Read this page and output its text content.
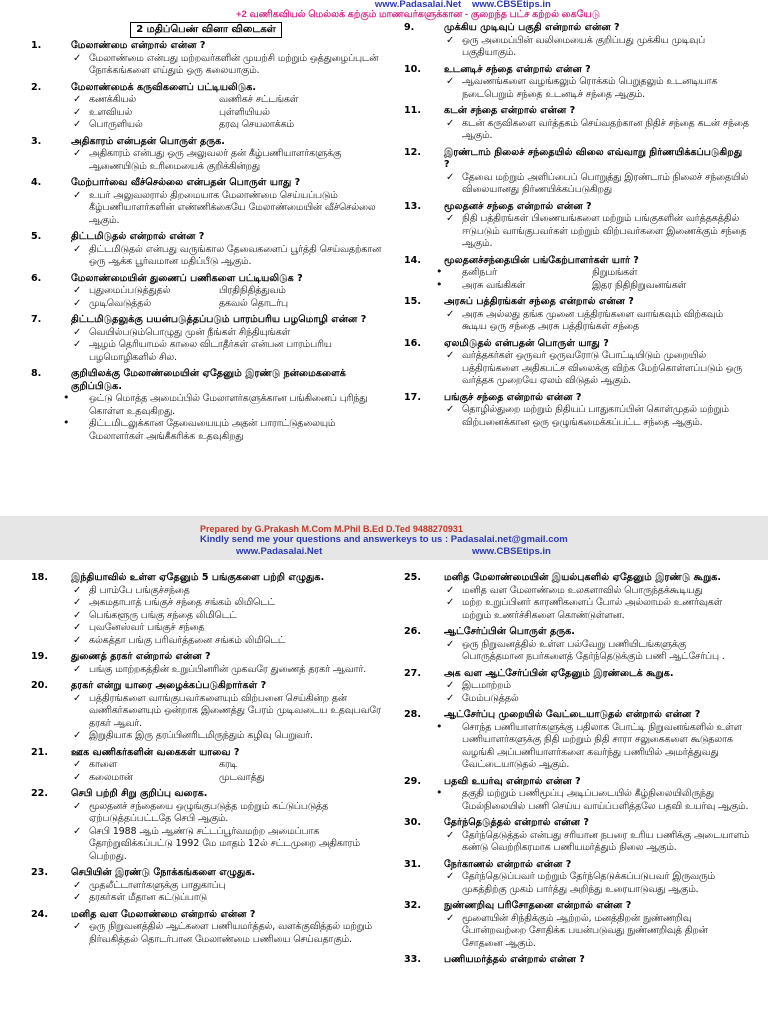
www.Padasalai.Net
+2 வணிகவியல் மெல்லக் கற்கும் மாணவர்களுக்கான - குறைந்த பட்ச கற்றல் கையேடு
www.CBSEtips.in
2 மதிப்பெண் வினா விடைகள்
1.	மேலாண்மை என்றால் என்ன ?
✓ மேலாண்மை என்பது மற்றவர்களின் முயற்சி மற்றும் ஒத்துழைப்புடன் நோக்கங்களை எய்தும் ஒரு கலையாகும்.
2.	மேலாண்மைக் கருவிகளைப் பட்டியலிடுக.
✓ கணக்கியல்	வணிகச் சட்டங்கள்
✓ உளவியல்	புள்ளியியல்
✓ பொருளியல்	தரவு செயலாக்கம்
3.	அதிகாரம் என்பதன் பொருள் தருக.
✓ அதிகாரம் என்பது ஒரு அலுவலர் தன் கீழ்பணியாளர்களுக்கு ஆணையிடும் உரிமையைக் குறிக்கின்றது
4.	மேற்பார்வை வீச்செல்லை என்பதன் பொருள் யாது ?
✓ உயர் அலுவலரால் திறமையாக மேலாண்மை செய்யப்படும் கீழ்பணியாளர்களின் எண்ணிக்கையே மேலாண்மையின் வீச்செல்லை ஆகும்.
5.	திட்டமிடுதல் என்றால் என்ன ?
✓ திட்டமிடுதல் என்பது வருங்கால தேவைகளைப் பூர்த்தி செய்வதற்கான ஒரு ஆக்க பூர்வமான மதிப்பீடு ஆகும்.
6.	மேலாண்மையின் துணைப் பணிகளை பட்டியலிடுக ?
✓ புதுமைப்படுத்துதல்	பிரதிநிதித்துவம்
✓ முடிவெடுத்தல்	தகவல் தொடர்பு
7.	திட்டமிடுதலுக்கு பயன்படுத்தப்படும் பாரம்பரிய பழமொழி என்ன ?
✓ வெயில்படும்பொழுது முன் நீங்கள் சிந்தியுங்கள்
✓ ஆழம் தெரியாமல் காலை விடாதீர்கள் என்பன பாரம்பரிய பழமொழிகளில் சில.
8.	குறியிலக்கு மேலாண்மையின் ஏதேனும் இரண்டு நன்மைகளைக் குறிப்பிடுக.
• ஒட்டு மொத்த அமைப்பில் மேலாளர்களுக்கான பங்கினைப் புரிந்து கொள்ள உதவுகிறது.
• திட்டமிடலுக்கான தேவையையும் அதன் பாராட்டுதலையும் மேலாளர்கள் அங்கீகரிக்க உதவுகிறது
9.	முக்கிய முடிவுப் பகுதி என்றால் என்ன ?
✓ ஒரு அமைப்பின் வலிமையைக் குறிப்பது முக்கிய முடிவுப் பகுதியாகும்.
10. உடனடிச் சந்தை என்றால் என்ன ?
✓ ஆவணங்களை வழங்கலும் ரொக்கம் பெறுதலும் உடனடியாக நடைபெறும் சந்தை உடனடிச் சந்தை ஆகும்.
11. கடன் சந்தை என்றால் என்ன ?
✓ கடன் கருவிகளை வர்த்தகம் செய்வதற்கான நிதிச் சந்தை கடன் சந்தை ஆகும்.
12. இரண்டாம் நிலைச் சந்தையில் விலை எவ்வாறு நிர்ணயிக்கப்படுகிறது ?
✓ தேவை மற்றும் அளிப்பைப் பொறுத்து இரண்டாம் நிலைச் சந்தையில் விலையானது நிர்ணயிக்கப்படுகிறது
13. மூலதனச் சந்தை என்றால் என்ன ?
✓ நிதி பத்திரங்கள் பிணையங்களை மற்றும் பங்குகளின் வர்த்தகத்தில் ஈடுபடும் வாங்குபவர்கள் மற்றும் விற்பவர்களை இணைக்கும் சந்தை ஆகும்.
14. மூலதனச்சந்தையின் பங்கேற்பாளர்கள் யார் ?
• தனிநபர்	நிறுமங்கள்
• அரசு வங்கிகள்	இதர நிதிநிறுவனங்கள்
15. அரசுப் பத்திரங்கள் சந்தை என்றால் என்ன ?
✓ அரசு அல்லது தங்க முனை பத்திரங்களை வாங்கவும் விற்கவும் கூடிய ஒரு சந்தை அரசு பத்திரங்கள் சந்தை
16. ஏலமிடுதல் என்பதன் பொருள் யாது ?
✓ வர்த்தகர்கள் ஒருவர் ஒருவரோடு போட்டியிடும் முறையில் பத்திரங்களை அதிகபட்ச விலைக்கு விற்க மேற்கொள்ளப்படும் ஒரு வர்த்தக முறையே ஏலம் விடுதல் ஆகும்.
17. பங்குச் சந்தை என்றால் என்ன ?
✓ தொழில்துறை மற்றும் நிதியப் பாதுகாப்பின் கொள்முதல் மற்றும் விற்பனைக்கான ஒரு ஒழுங்கமைக்கப்பட்ட சந்தை ஆகும்.
Prepared by G.Prakash M.Com M.Phil B.Ed D.Ted 9488270931
Kindly send me your questions and answerkeys to us : Padasalai.net@gmail.com
www.Padasalai.Net	www.CBSEtips.in
18. இந்தியாவில் உள்ள ஏதேனும் 5 பங்குகளை பற்றி எழுதுக.
✓ தி பாம்பே பங்குச்சந்தை
✓ அகமதாபாத் பங்குச் சந்தை சங்கம் லிமிடெட்
✓ பெங்களூரு பங்கு சந்தை லிமிடெட்
✓ புவனேஸ்வர் பங்குச் சந்தை
✓ கல்கத்தா பங்கு பரிவர்த்தனை சங்கம் லிமிடெட்
19. துணைத் தரகர் என்றால் என்ன ?
✓ பங்கு மாற்றகத்தின் உறுப்பினரின் முகவரே துணைத் தரகர் ஆவார்.
20. தரகர் என்று யாரை அழைக்கப்படுகிறார்கள் ?
✓ பத்திரங்களை வாங்குபவர்களையும் விற்பனை செய்கின்ற தன் வணிகர்களையும் ஒன்றாக இணைத்து பேரம் முடிவடைய உதவுபவரே தரகர் ஆவர்.
✓ இறுதியாக இரு தரப்பினரிடமிருந்தும் கழிவு பெறுவர்.
21. ஊக வணிகர்களின் வகைகள் யாவை ?
✓ காளை	கரடி
✓ கலைமான்	முடவாத்து
22. செபி பற்றி சிறு குறிப்பு வரைக.
✓ மூலதனச் சந்தையை ஒழுங்குபடுத்த மற்றும் கட்டுப்படுத்த ஏற்படுத்தப்பட்டதே செபி ஆகும்.
✓ செபி 1988 ஆம் ஆண்டு சட்டப்பூர்வமற்ற அமைப்பாக தோற்றுவிக்கப்பட்டு 1992 மே மாதம் 12ல் சட்டமுறை அதிகாரம் பெற்றது.
23. செபியின் இரண்டு நோக்கங்களை எழுதுக.
✓ முதலீட்டாளர்களுக்கு பாதுகாப்பு
✓ தரகர்கள் மீதான கட்டுப்பாடு
24. மனித வள மேலாண்மை என்றால் என்ன ?
✓ ஒரு நிறுவனத்தில் ஆட்களை பணியமர்த்தல், வளக்குவித்தல் மற்றும் நிர்வகித்தல் தொடர்பான மேலாண்மை பணியை செய்வதாகும்.
25. மனித மேலாண்மையின் இயல்புகளில் ஏதேனும் இரண்டு கூறுக.
✓ மனித வள மேலாண்மை உலகளாவில் பொருந்தக்கூடியது
✓ மற்ற உறுப்பினர் காரணிகளைப் போல் அல்லாமல் உணர்வுகள் மற்றும் உணர்ச்சிகளை கொண்டுள்ளன.
26. ஆட்சேர்ப்பின் பொருள் தருக.
✓ ஒரு நிறுவனத்தில் உள்ள பல்வேறு பணியிடங்களுக்கு பொருத்தமான நபர்களைத் தேர்ந்தெடுக்கும் பணி ஆட்சேர்ப்பு .
27. அக வள ஆட்சேர்ப்பின் ஏதேனும் இரண்டைக் கூறுக.
✓ இடமாற்றம்
✓ மேம்படுத்தல்
28. ஆட்சேர்ப்பு முறையில் வேட்டையாடுதல் என்றால் என்ன ?
• சொந்த பணியாளர்களுக்கு பதிலாக போட்டி நிறுவனங்களில் உள்ள பணியாளர்களுக்கு நிதி மற்றும் நிதி சாரா சலுகைகளை கூடுதலாக வழங்கி அப்பணியாளர்களை கவர்ந்து பணியில் அமர்த்துவது வேட்டையாடுதல் ஆகும்.
29. பதவி உயர்வு என்றால் என்ன ?
• தகுதி மற்றும் பணிமூப்பு அடிப்படையில் கீழ்நிலையிலிருந்து மேல்நிலையில் பணி செய்ய வாய்ப்பளித்தலே பதவி உயர்வு ஆகும்.
30. தேர்ந்தெடுத்தல் என்றால் என்ன ?
✓ தேர்ந்தெடுத்தல் என்பது சரியான நபரை உரிய பணிக்கு அடையாளம் கண்டு வெற்றிகரமாக பணியமர்த்தும் நிலை ஆகும்.
31. நேர்காணல் என்றால் என்ன ?
✓ தேர்ந்தெடுப்பவர் மற்றும் தேர்ந்தெடுக்கப்படுபவர் இருவரும் முகத்திற்கு முகம் பார்த்து அறிந்து உரையாடுவது ஆகும்.
32. நுண்ணறிவு பரிசோதனை என்றால் என்ன ?
✓ மூளையின் சிந்திக்கும் ஆற்றல், மனத்திறன் நுண்ணறிவு போன்றவற்றை சோதிக்க பயன்படுவது நுண்ணறிவுத் திறன் சோதனை ஆகும்.
33. பணியமர்த்தல் என்றால் என்ன ?
